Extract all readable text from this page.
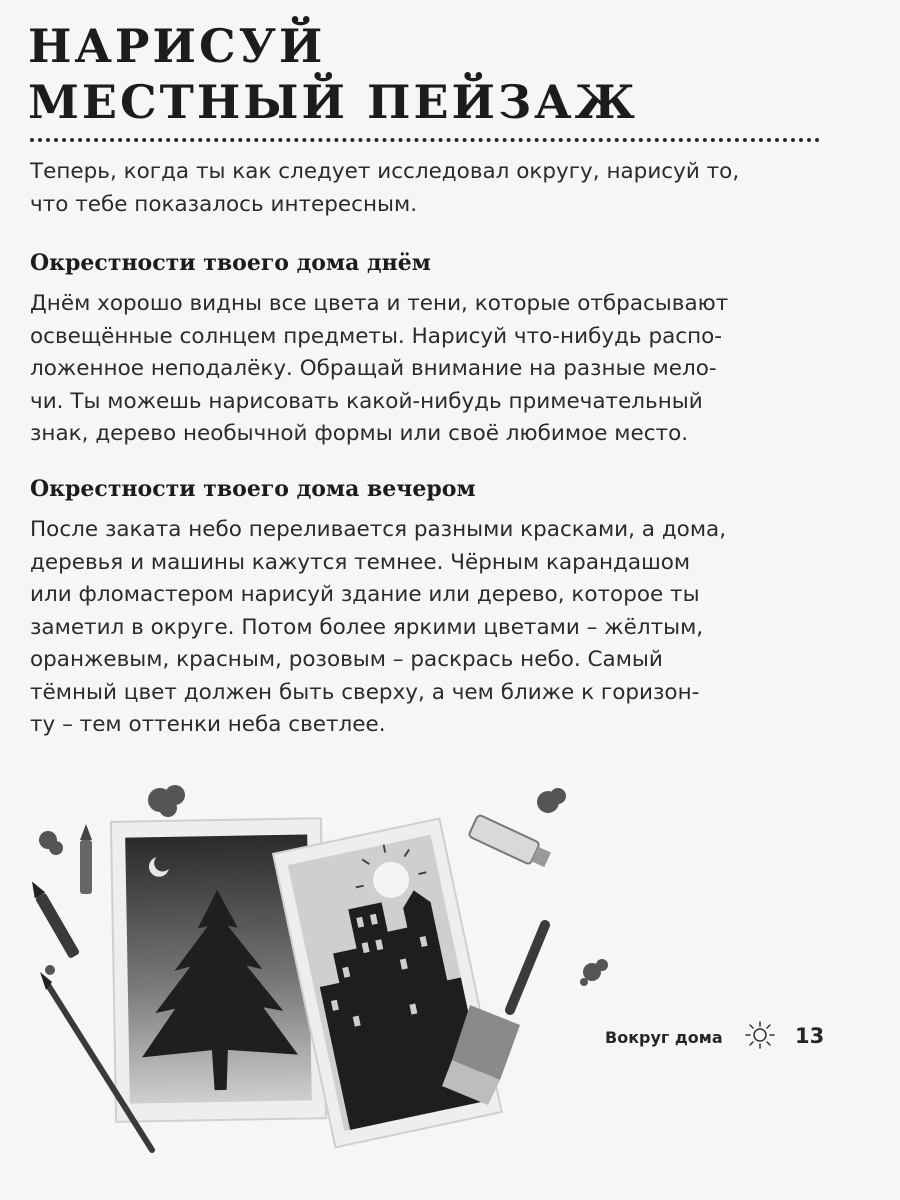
НАРИСУЙ
МЕСТНЫЙ ПЕЙЗАЖ

Теперь, когда ты как следует исследовал округу, нарисуй то,
что тебе показалось интересным.

Окрестности твоего дома днём

Днём хорошо видны все цвета и тени, которые отбрасывают
освещённые солнцем предметы. Нарисуй что-нибудь распо-
ложенное неподалёку. Обращай внимание на разные мело-
чи. Ты можешь нарисовать какой-нибудь примечательный
знак, дерево необычной формы или своё любимое место.

Окрестности твоего дома вечером

После заката небо переливается разными красками, а дома,
деревья и машины кажутся темнее. Чёрным карандашом
или фломастером нарисуй здание или дерево, которое ты
заметил в округе. Потом более яркими цветами – жёлтым,
оранжевым, красным, розовым – раскрась небо. Самый
тёмный цвет должен быть сверху, а чем ближе к горизон-
ту – тем оттенки неба светлее.

Вокруг дома	13
